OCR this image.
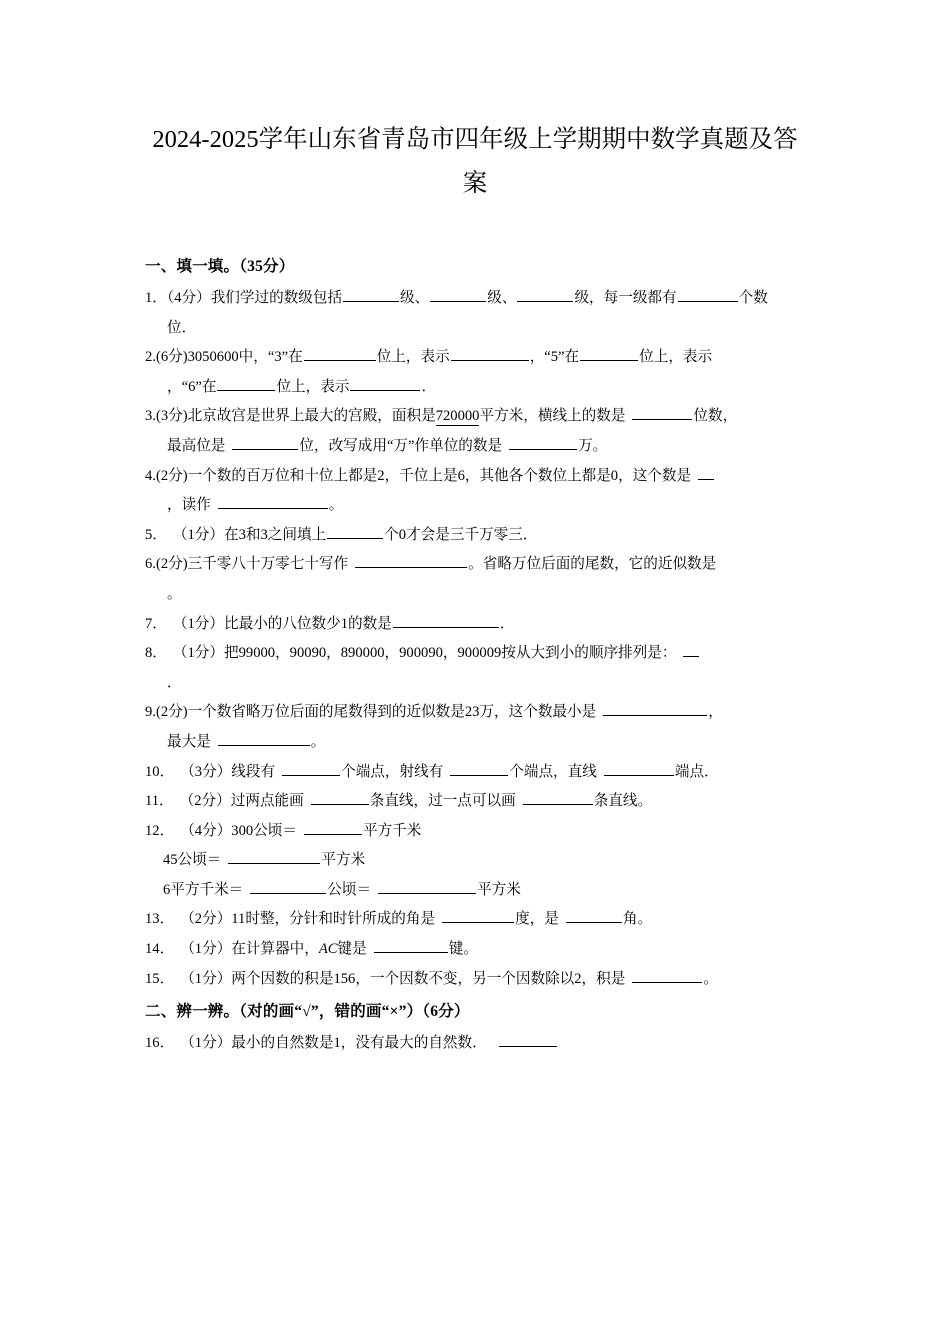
2024-2025学年山东省青岛市四年级上学期期中数学真题及答案
一、填一填。（35分）
1．（4分）我们学过的数级包括	级、	级、	级，每一级都有	个数
位．
2.(6分)3050600中，“3”在	位上，表示	，“5”在	位上，表示
，“6”在	位上，表示	．
3.(3分)北京故宫是世界上最大的宫殿，面积是720000平方米，横线上的数是	位数，
最高位是	位，改写成用“万”作单位的数是	万。
4.(2分)一个数的百万位和十位上都是2，千位上是6，其他各个数位上都是0，这个数是
，读作	。
5． （1分）在3和3之间填上	个0才会是三千万零三．
6.(2分)三千零八十万零七十写作	。省略万位后面的尾数，它的近似数是
。
7． （1分）比最小的八位数少1的数是	．
8． （1分）把99000，90090，890000，900090，900009按从大到小的顺序排列是：
．
9.(2分)一个数省略万位后面的尾数得到的近似数是23万，这个数最小是	，
最大是	。
10． （3分）线段有	个端点，射线有	个端点，直线	端点．
11． （2分）过两点能画	条直线，过一点可以画	条直线。
12． （4分）300公顷＝	平方千米
45公顷＝	平方米
6平方千米＝	公顷＝	平方米
13． （2分）11时整，分针和时针所成的角是	度，是	角。
14． （1分）在计算器中，AC键是	键。
15． （1分）两个因数的积是156，一个因数不变，另一个因数除以2，积是	。
二、辨一辨。（对的画“√”，错的画“×”）（6分）
16． （1分）最小的自然数是1，没有最大的自然数．
